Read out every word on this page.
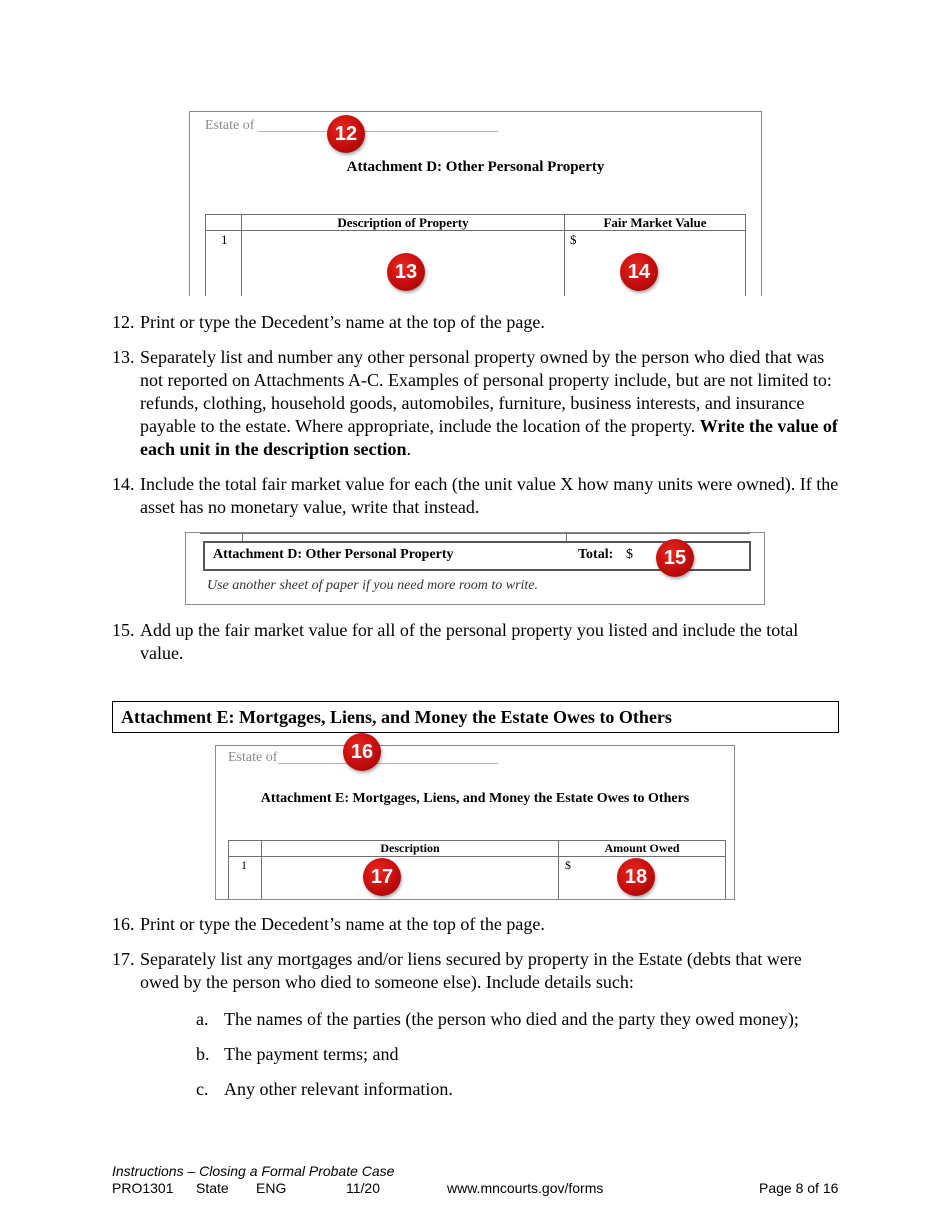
Estate of
Attachment D: Other Personal Property
Description of Property	Fair Market Value
1	$
12
13	14
12. Print or type the Decedent’s name at the top of the page.
13. Separately list and number any other personal property owned by the person who died that was not reported on Attachments A-C. Examples of personal property include, but are not limited to: refunds, clothing, household goods, automobiles, furniture, business interests, and insurance payable to the estate. Where appropriate, include the location of the property. Write the value of each unit in the description section.
14. Include the total fair market value for each (the unit value X how many units were owned). If the asset has no monetary value, write that instead.
Attachment D: Other Personal Property	Total: $
Use another sheet of paper if you need more room to write.
15
15. Add up the fair market value for all of the personal property you listed and include the total value.
Attachment E: Mortgages, Liens, and Money the Estate Owes to Others
Estate of
Attachment E: Mortgages, Liens, and Money the Estate Owes to Others
Description	Amount Owed
1	$
16
17	18
16. Print or type the Decedent’s name at the top of the page.
17. Separately list any mortgages and/or liens secured by property in the Estate (debts that were owed by the person who died to someone else). Include details such:
a. The names of the parties (the person who died and the party they owed money);
b. The payment terms; and
c. Any other relevant information.
Instructions – Closing a Formal Probate Case
PRO1301 State ENG	11/20	www.mncourts.gov/forms	Page 8 of 16
